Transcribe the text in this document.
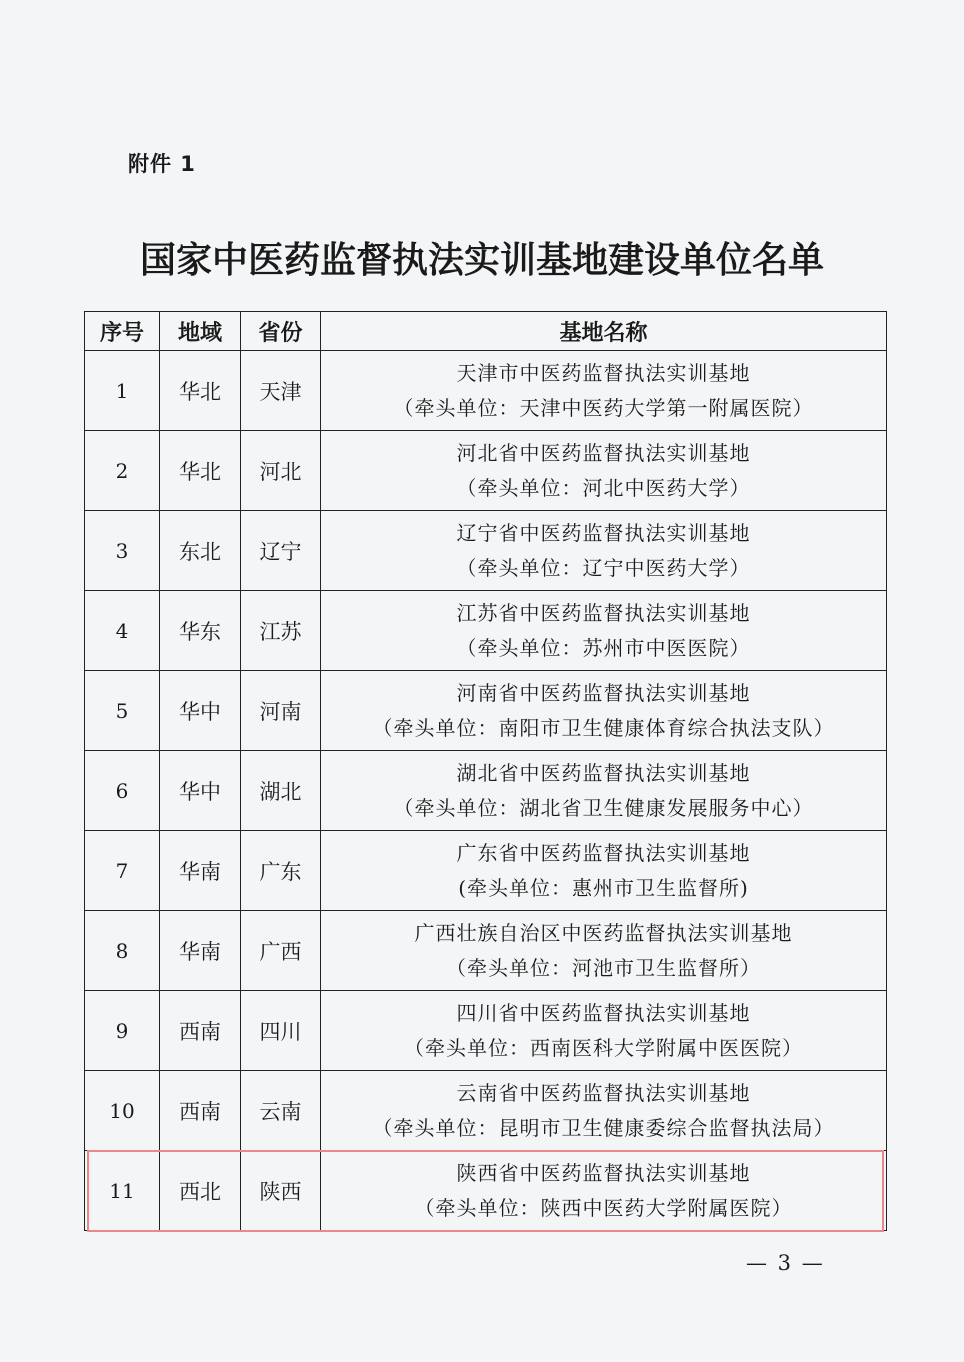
附件 1
国家中医药监督执法实训基地建设单位名单
序号	地域	省份	基地名称
1	华北	天津	天津市中医药监督执法实训基地
（牵头单位：天津中医药大学第一附属医院）

2	华北	河北	河北省中医药监督执法实训基地
（牵头单位：河北中医药大学）

3	东北	辽宁	辽宁省中医药监督执法实训基地
（牵头单位：辽宁中医药大学）

4	华东	江苏	江苏省中医药监督执法实训基地
（牵头单位：苏州市中医医院）

5	华中	河南	河南省中医药监督执法实训基地
（牵头单位：南阳市卫生健康体育综合执法支队）

6	华中	湖北	湖北省中医药监督执法实训基地
（牵头单位：湖北省卫生健康发展服务中心）

7	华南	广东	广东省中医药监督执法实训基地
(牵头单位：惠州市卫生监督所)

8	华南	广西	广西壮族自治区中医药监督执法实训基地
（牵头单位：河池市卫生监督所）

9	西南	四川	四川省中医药监督执法实训基地
（牵头单位：西南医科大学附属中医医院）

10	西南	云南	云南省中医药监督执法实训基地
（牵头单位：昆明市卫生健康委综合监督执法局）

11	西北	陕西	陕西省中医药监督执法实训基地
（牵头单位：陕西中医药大学附属医院）
— 3 —
